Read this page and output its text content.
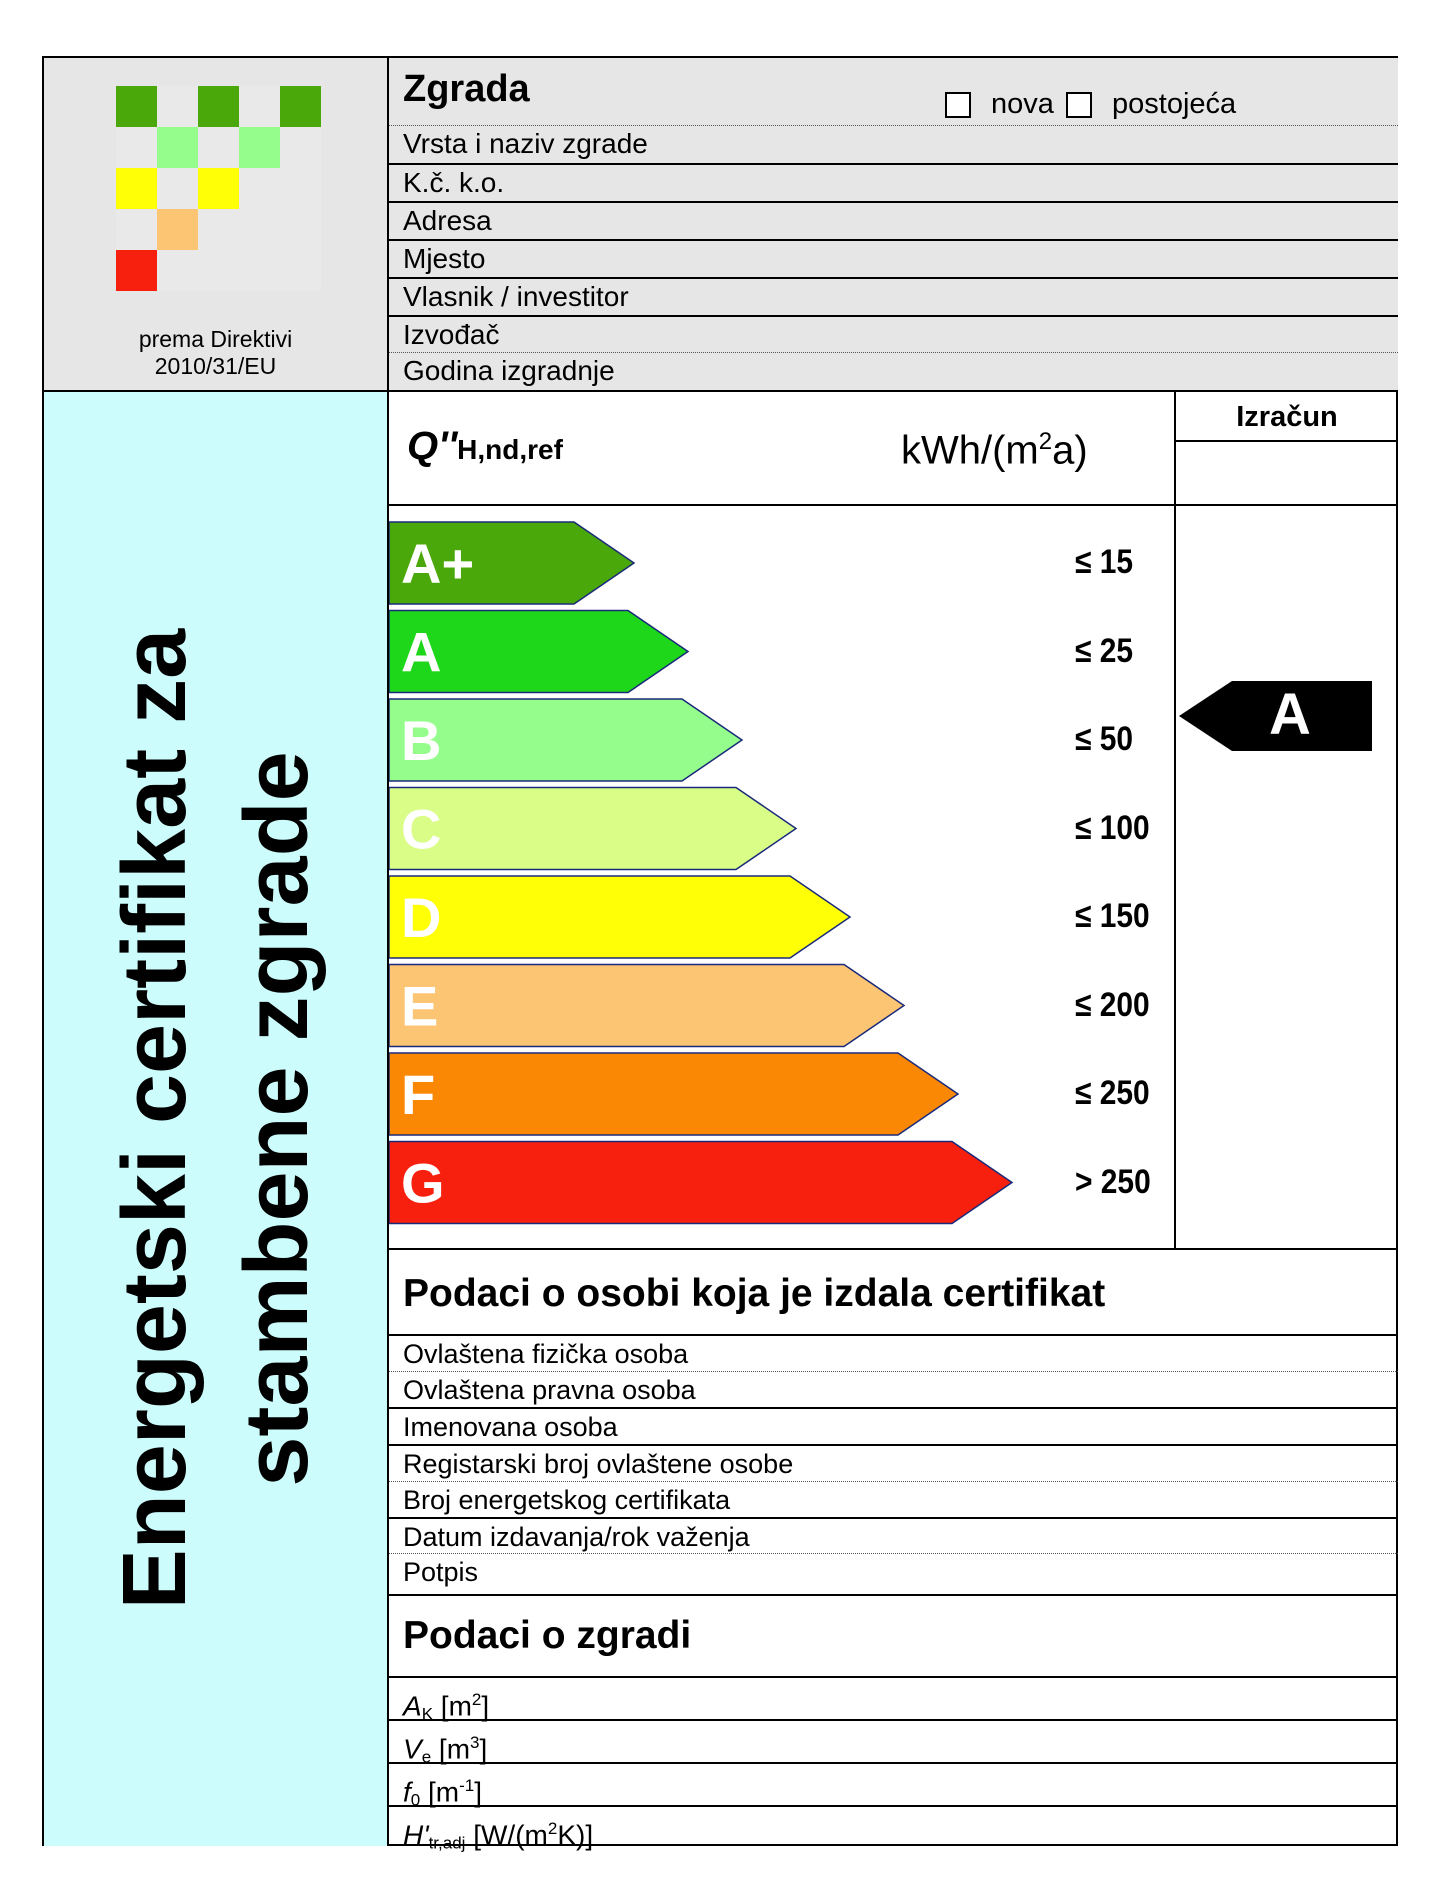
prema Direktivi
2010/31/EU
Energetski certifikat za stambene zgrade
Zgrada	nova postojeća
Vrsta i naziv zgrade
K.č. k.o.
Adresa
Mjesto
Vlasnik / investitor
Izvođač
Godina izgradnje
Q''H,nd,ref	kWh/$(m^2a)$
Izračun
A
A+
A
B
C
D
E
F
G
≤ 15
≤ 25
≤ 50
≤ 100
≤ 150
≤ 200
≤ 250
> 250
Podaci o osobi koja je izdala certifikat
Ovlaštena fizička osoba
Ovlaštena pravna osoba
Imenovana osoba
Registarski broj ovlaštene osobe
Broj energetskog certifikata
Datum izdavanja/rok važenja
Potpis
Podaci o zgradi
AK $[m^2]$
Ve $[m^3]$
f0 $[m^{-1}]$
H'tr,adj $[W/(m^2K)]$
